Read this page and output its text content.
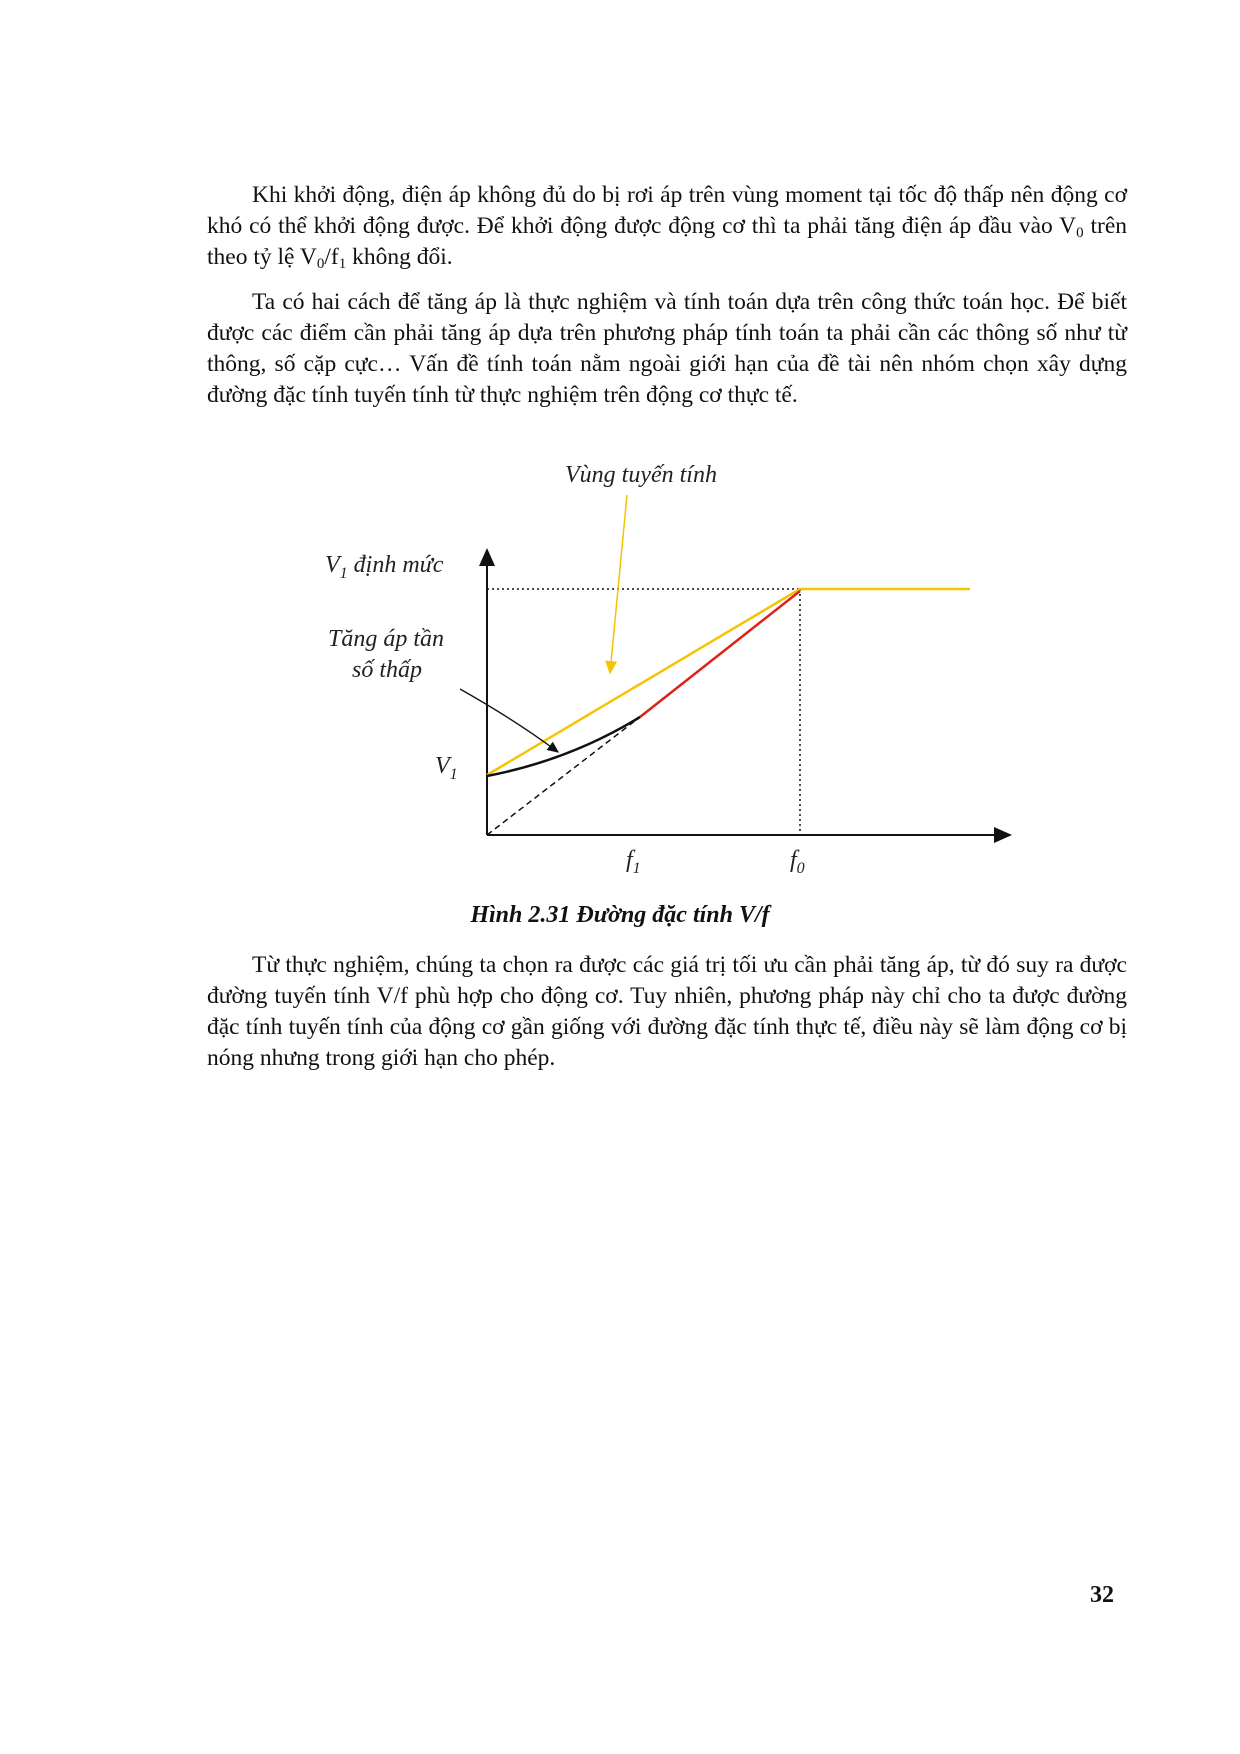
Khi khởi động, điện áp không đủ do bị rơi áp trên vùng moment tại tốc độ thấp nên động cơ khó có thể khởi động được. Để khởi động được động cơ thì ta phải tăng điện áp đầu vào $V_0$ trên theo tỷ lệ $V_0/f_1$ không đổi.

Ta có hai cách để tăng áp là thực nghiệm và tính toán dựa trên công thức toán học. Để biết được các điểm cần phải tăng áp dựa trên phương pháp tính toán ta phải cần các thông số như từ thông, số cặp cực… Vấn đề tính toán nằm ngoài giới hạn của đề tài nên nhóm chọn xây dựng đường đặc tính tuyến tính từ thực nghiệm trên động cơ thực tế.

Vùng tuyến tính
$V_1$ định mức
Tăng áp tần
số thấp
$V_1$
$f_1$	$f_0$
Hình 2.31 Đường đặc tính V/f

Từ thực nghiệm, chúng ta chọn ra được các giá trị tối ưu cần phải tăng áp, từ đó suy ra được đường tuyến tính V/f phù hợp cho động cơ. Tuy nhiên, phương pháp này chỉ cho ta được đường đặc tính tuyến tính của động cơ gần giống với đường đặc tính thực tế, điều này sẽ làm động cơ bị nóng nhưng trong giới hạn cho phép.

32
